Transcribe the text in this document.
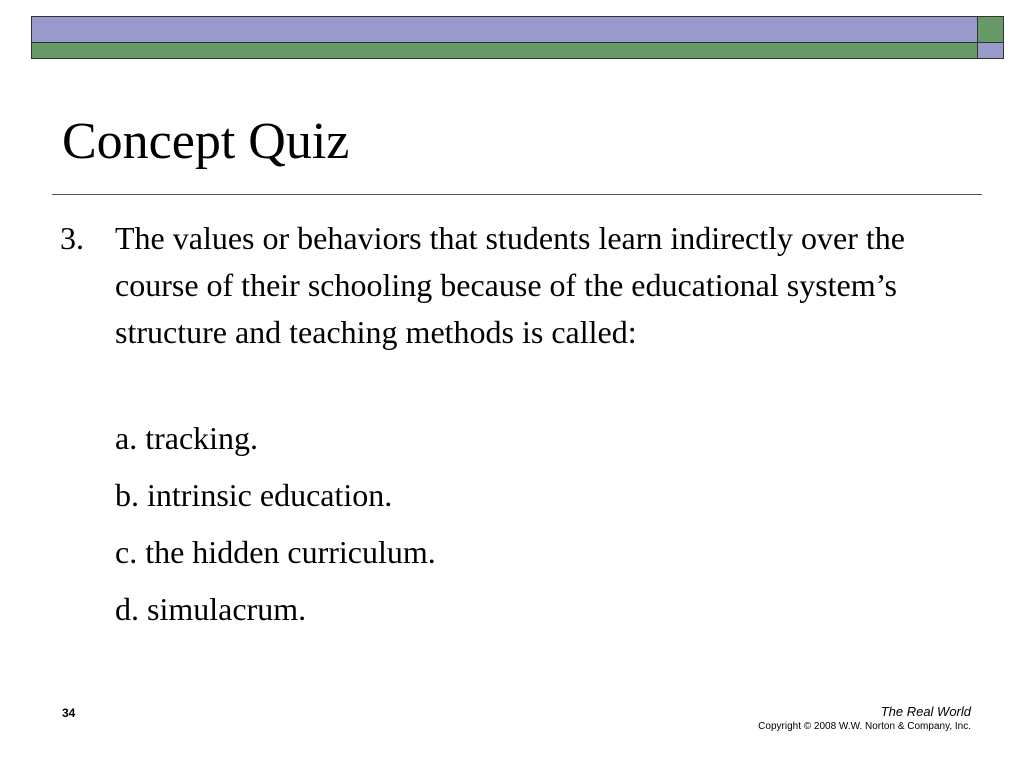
Concept Quiz
3. The values or behaviors that students learn indirectly over the course of their schooling because of the educational system’s structure and teaching methods is called:
a. tracking.
b. intrinsic education.
c. the hidden curriculum.
d. simulacrum.
34	The Real World
Copyright © 2008 W.W. Norton & Company, Inc.
